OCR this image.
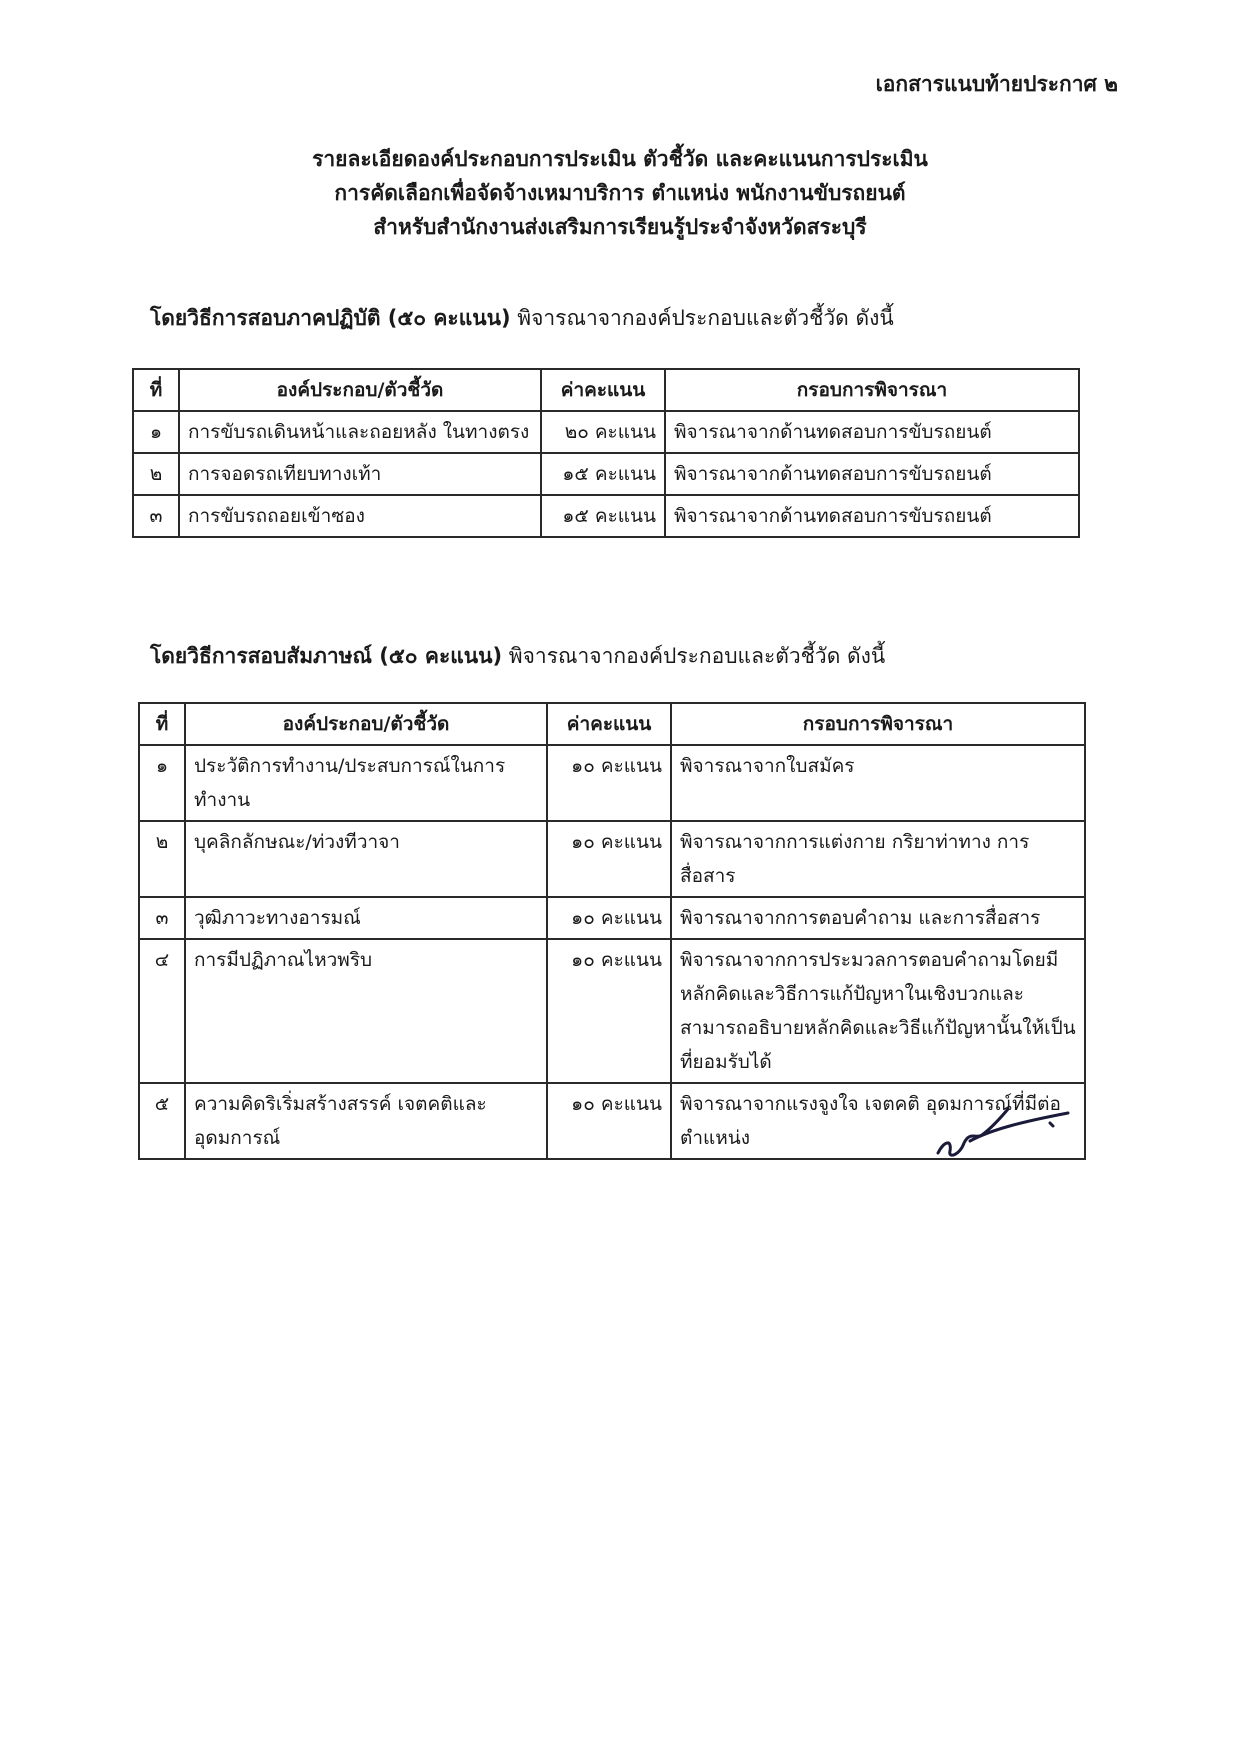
เอกสารแนบท้ายประกาศ ๒
รายละเอียดองค์ประกอบการประเมิน ตัวชี้วัด และคะแนนการประเมิน
การคัดเลือกเพื่อจัดจ้างเหมาบริการ ตำแหน่ง พนักงานขับรถยนต์
สำหรับสำนักงานส่งเสริมการเรียนรู้ประจำจังหวัดสระบุรี
โดยวิธีการสอบภาคปฏิบัติ (๕๐ คะแนน) พิจารณาจากองค์ประกอบและตัวชี้วัด ดังนี้
ที่	องค์ประกอบ/ตัวชี้วัด	ค่าคะแนน	กรอบการพิจารณา
๑	การขับรถเดินหน้าและถอยหลัง ในทางตรง	๒๐ คะแนน	พิจารณาจากด้านทดสอบการขับรถยนต์
๒	การจอดรถเทียบทางเท้า	๑๕ คะแนน	พิจารณาจากด้านทดสอบการขับรถยนต์
๓	การขับรถถอยเข้าซอง	๑๕ คะแนน	พิจารณาจากด้านทดสอบการขับรถยนต์
โดยวิธีการสอบสัมภาษณ์ (๕๐ คะแนน) พิจารณาจากองค์ประกอบและตัวชี้วัด ดังนี้
ที่	องค์ประกอบ/ตัวชี้วัด	ค่าคะแนน	กรอบการพิจารณา
๑	ประวัติการทำงาน/ประสบการณ์ในการทำงาน	๑๐ คะแนน	พิจารณาจากใบสมัคร
๒	บุคลิกลักษณะ/ท่วงทีวาจา	๑๐ คะแนน	พิจารณาจากการแต่งกาย กริยาท่าทาง การสื่อสาร
๓	วุฒิภาวะทางอารมณ์	๑๐ คะแนน	พิจารณาจากการตอบคำถาม และการสื่อสาร
๔	การมีปฏิภาณไหวพริบ	๑๐ คะแนน	พิจารณาจากการประมวลการตอบคำถามโดยมีหลักคิดและวิธีการแก้ปัญหาในเชิงบวกและสามารถอธิบายหลักคิดและวิธีแก้ปัญหานั้นให้เป็นที่ยอมรับได้
๕	ความคิดริเริ่มสร้างสรรค์ เจตคติและอุดมการณ์	๑๐ คะแนน	พิจารณาจากแรงจูงใจ เจตคติ อุดมการณ์ที่มีต่อตำแหน่ง
